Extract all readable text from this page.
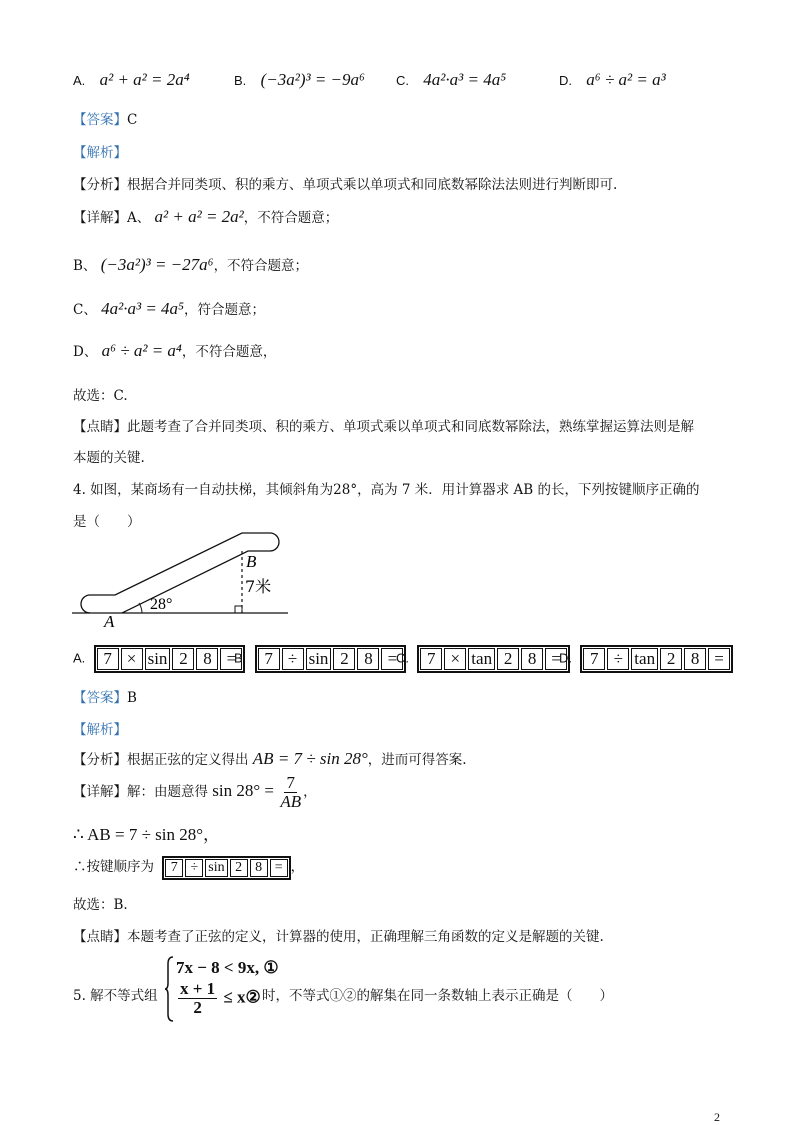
A. a² + a² = 2a⁴	B. (−3a²)³ = −9a⁶ C. 4a²·a³ = 4a⁵	D. a⁶ ÷ a² = a³
【答案】C
【解析】
【分析】根据合并同类项、积的乘方、单项式乘以单项式和同底数幂除法法则进行判断即可.
【详解】A、 a² + a² = 2a²，不符合题意；
B、 (−3a²)³ = −27a⁶，不符合题意；
C、 4a²·a³ = 4a⁵，符合题意；
D、 a⁶ ÷ a² = a⁴，不符合题意，
故选：C.
【点睛】此题考查了合并同类项、积的乘方、单项式乘以单项式和同底数幂除法，熟练掌握运算法则是解
本题的关键.
4. 如图，某商场有一自动扶梯，其倾斜角为28°，高为 7 米．用计算器求 AB 的长，下列按键顺序正确的
是（　　）
B
7米
28°
A
A.	7 × sin 2 8 =
B.	7 ÷ sin 2 8 =
C.	7 × tan 2 8 =
D.	7 ÷ tan 2 8 =
【答案】B
【解析】
【分析】根据正弦的定义得出 AB = 7 ÷ sin 28°，进而可得答案.
【详解】解：由题意得 $\sin 28^\circ = \frac{7}{AB}$ ，
∴ AB = 7 ÷ sin 28°，
∴按键顺序为	7 ÷ sin 2 8 = ，
故选：B.
【点睛】本题考查了正弦的定义，计算器的使用，正确理解三角函数的定义是解题的关键.
5. 解不等式组
7x − 8 < 9x, ①
$\frac{x + 1}{2}$ ≤ x② 时，不等式①②的解集在同一条数轴上表示正确是（　　）
2
